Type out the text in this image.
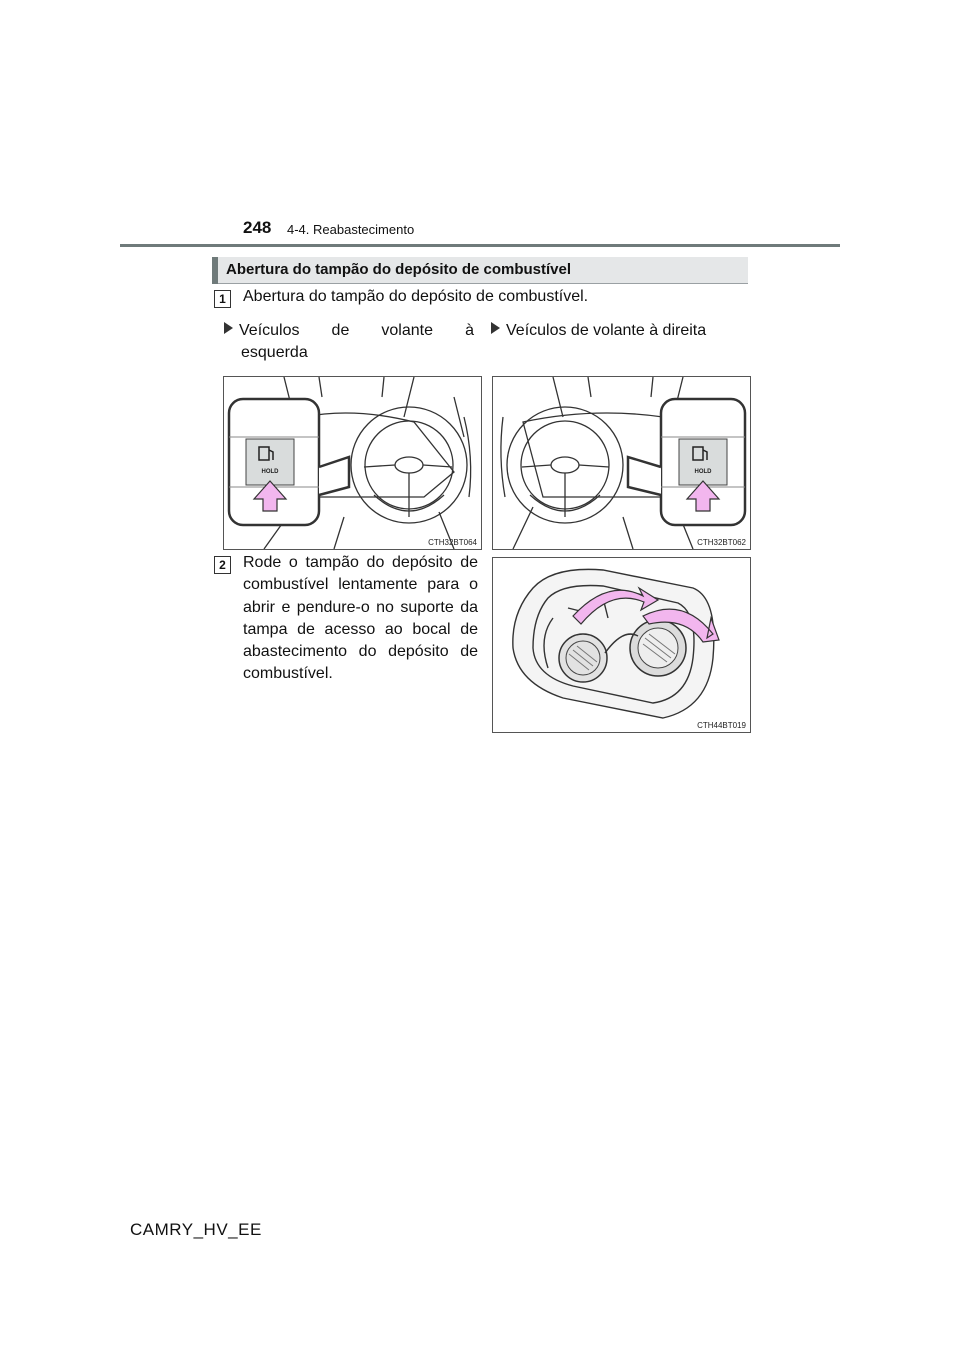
248 4-4. Reabastecimento
Abertura do tampão do depósito de combustível
1	Abertura do tampão do depósito de combustível.
Veículos de volante à
esquerda
Veículos de volante à direita
HOLD
CTH32BT064
HOLD
CTH32BT062
2	Rode o tampão do depósito de combustível lentamente para o abrir e pendure-o no suporte da tampa de acesso ao bocal de abastecimento do depósito de combustível.
CTH44BT019
CAMRY_HV_EE
